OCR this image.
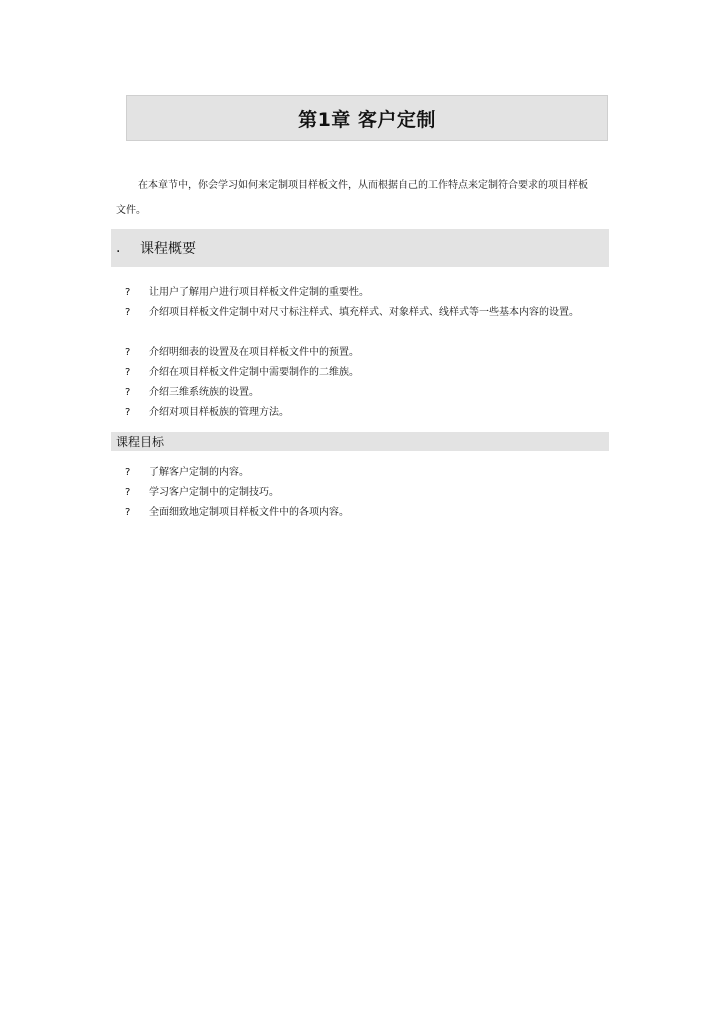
第1章 客户定制

在本章节中，你会学习如何来定制项目样板文件，从而根据自己的工作特点来定制符合要求的项目样板文件。

.	课程概要
?	让用户了解用户进行项目样板文件定制的重要性。
?	介绍项目样板文件定制中对尺寸标注样式、填充样式、对象样式、线样式等一些基本内容的设置。
?	介绍明细表的设置及在项目样板文件中的预置。
?	介绍在项目样板文件定制中需要制作的二维族。
?	介绍三维系统族的设置。
?	介绍对项目样板族的管理方法。
课程目标
?	了解客户定制的内容。
?	学习客户定制中的定制技巧。
?	全面细致地定制项目样板文件中的各项内容。
